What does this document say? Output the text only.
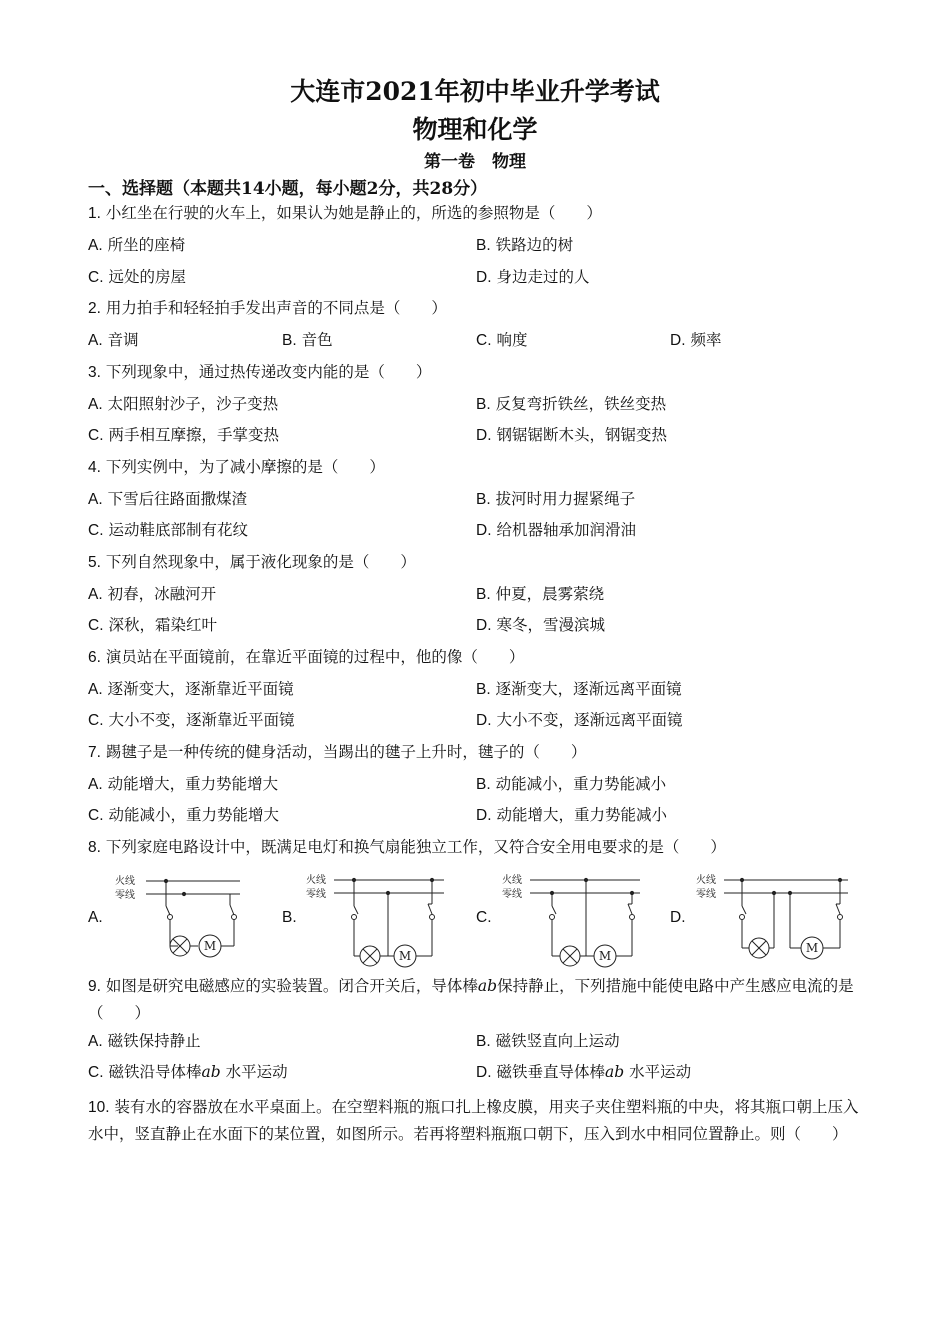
大连市2021年初中毕业升学考试
物理和化学
第一卷　物理
一、选择题（本题共14小题，每小题2分，共28分）
1. 小红坐在行驶的火车上，如果认为她是静止的，所选的参照物是（　　）
A. 所坐的座椅	B. 铁路边的树
C. 远处的房屋	D. 身边走过的人
2. 用力拍手和轻轻拍手发出声音的不同点是（　　）
A. 音调	B. 音色	C. 响度	D. 频率
3. 下列现象中，通过热传递改变内能的是（　　）
A. 太阳照射沙子，沙子变热	B. 反复弯折铁丝，铁丝变热
C. 两手相互摩擦，手掌变热	D. 钢锯锯断木头，钢锯变热
4. 下列实例中，为了减小摩擦的是（　　）
A. 下雪后往路面撒煤渣	B. 拔河时用力握紧绳子
C. 运动鞋底部制有花纹	D. 给机器轴承加润滑油
5. 下列自然现象中，属于液化现象的是（　　）
A. 初春，冰融河开	B. 仲夏，晨雾萦绕
C. 深秋，霜染红叶	D. 寒冬，雪漫滨城
6. 演员站在平面镜前，在靠近平面镜的过程中，他的像（　　）
A. 逐渐变大，逐渐靠近平面镜	B. 逐渐变大，逐渐远离平面镜
C. 大小不变，逐渐靠近平面镜	D. 大小不变，逐渐远离平面镜
7. 踢毽子是一种传统的健身活动，当踢出的毽子上升时，毽子的（　　）
A. 动能增大，重力势能增大	B. 动能减小，重力势能减小
C. 动能减小，重力势能增大	D. 动能增大，重力势能减小
8. 下列家庭电路设计中，既满足电灯和换气扇能独立工作，又符合安全用电要求的是（　　）
A.	B.	C.	D.
火线
零线
M
火线
零线
M
火线
零线
M
火线
零线
M
9. 如图是研究电磁感应的实验装置。闭合开关后，导体棒ab保持静止，下列措施中能使电路中产生感应电流的是（　　）
A. 磁铁保持静止	B. 磁铁竖直向上运动
C. 磁铁沿导体棒ab 水平运动	D. 磁铁垂直导体棒ab 水平运动
10. 装有水的容器放在水平桌面上。在空塑料瓶的瓶口扎上橡皮膜，用夹子夹住塑料瓶的中央，将其瓶口朝上压入水中，竖直静止在水面下的某位置，如图所示。若再将塑料瓶瓶口朝下，压入到水中相同位置静止。则（　　）
